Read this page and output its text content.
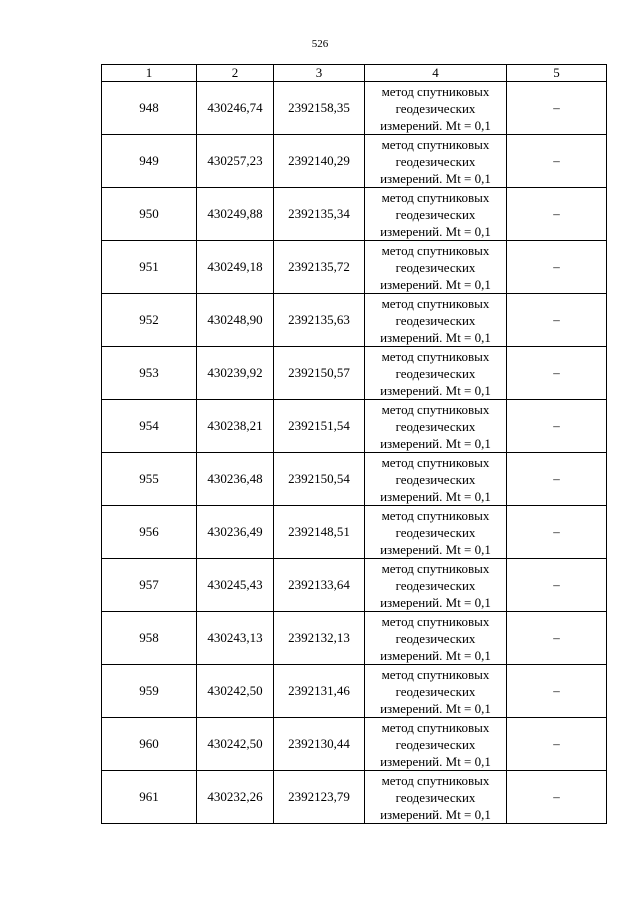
526
1	2	3	4	5
948	430246,74	2392158,35	метод спутниковых
геодезических
измерений. Mt = 0,1	–
949	430257,23	2392140,29	метод спутниковых
геодезических
измерений. Mt = 0,1	–
950	430249,88	2392135,34	метод спутниковых
геодезических
измерений. Mt = 0,1	–
951	430249,18	2392135,72	метод спутниковых
геодезических
измерений. Mt = 0,1	–
952	430248,90	2392135,63	метод спутниковых
геодезических
измерений. Mt = 0,1	–
953	430239,92	2392150,57	метод спутниковых
геодезических
измерений. Mt = 0,1	–
954	430238,21	2392151,54	метод спутниковых
геодезических
измерений. Mt = 0,1	–
955	430236,48	2392150,54	метод спутниковых
геодезических
измерений. Mt = 0,1	–
956	430236,49	2392148,51	метод спутниковых
геодезических
измерений. Mt = 0,1	–
957	430245,43	2392133,64	метод спутниковых
геодезических
измерений. Mt = 0,1	–
958	430243,13	2392132,13	метод спутниковых
геодезических
измерений. Mt = 0,1	–
959	430242,50	2392131,46	метод спутниковых
геодезических
измерений. Mt = 0,1	–
960	430242,50	2392130,44	метод спутниковых
геодезических
измерений. Mt = 0,1	–
961	430232,26	2392123,79	метод спутниковых
геодезических
измерений. Mt = 0,1	–
